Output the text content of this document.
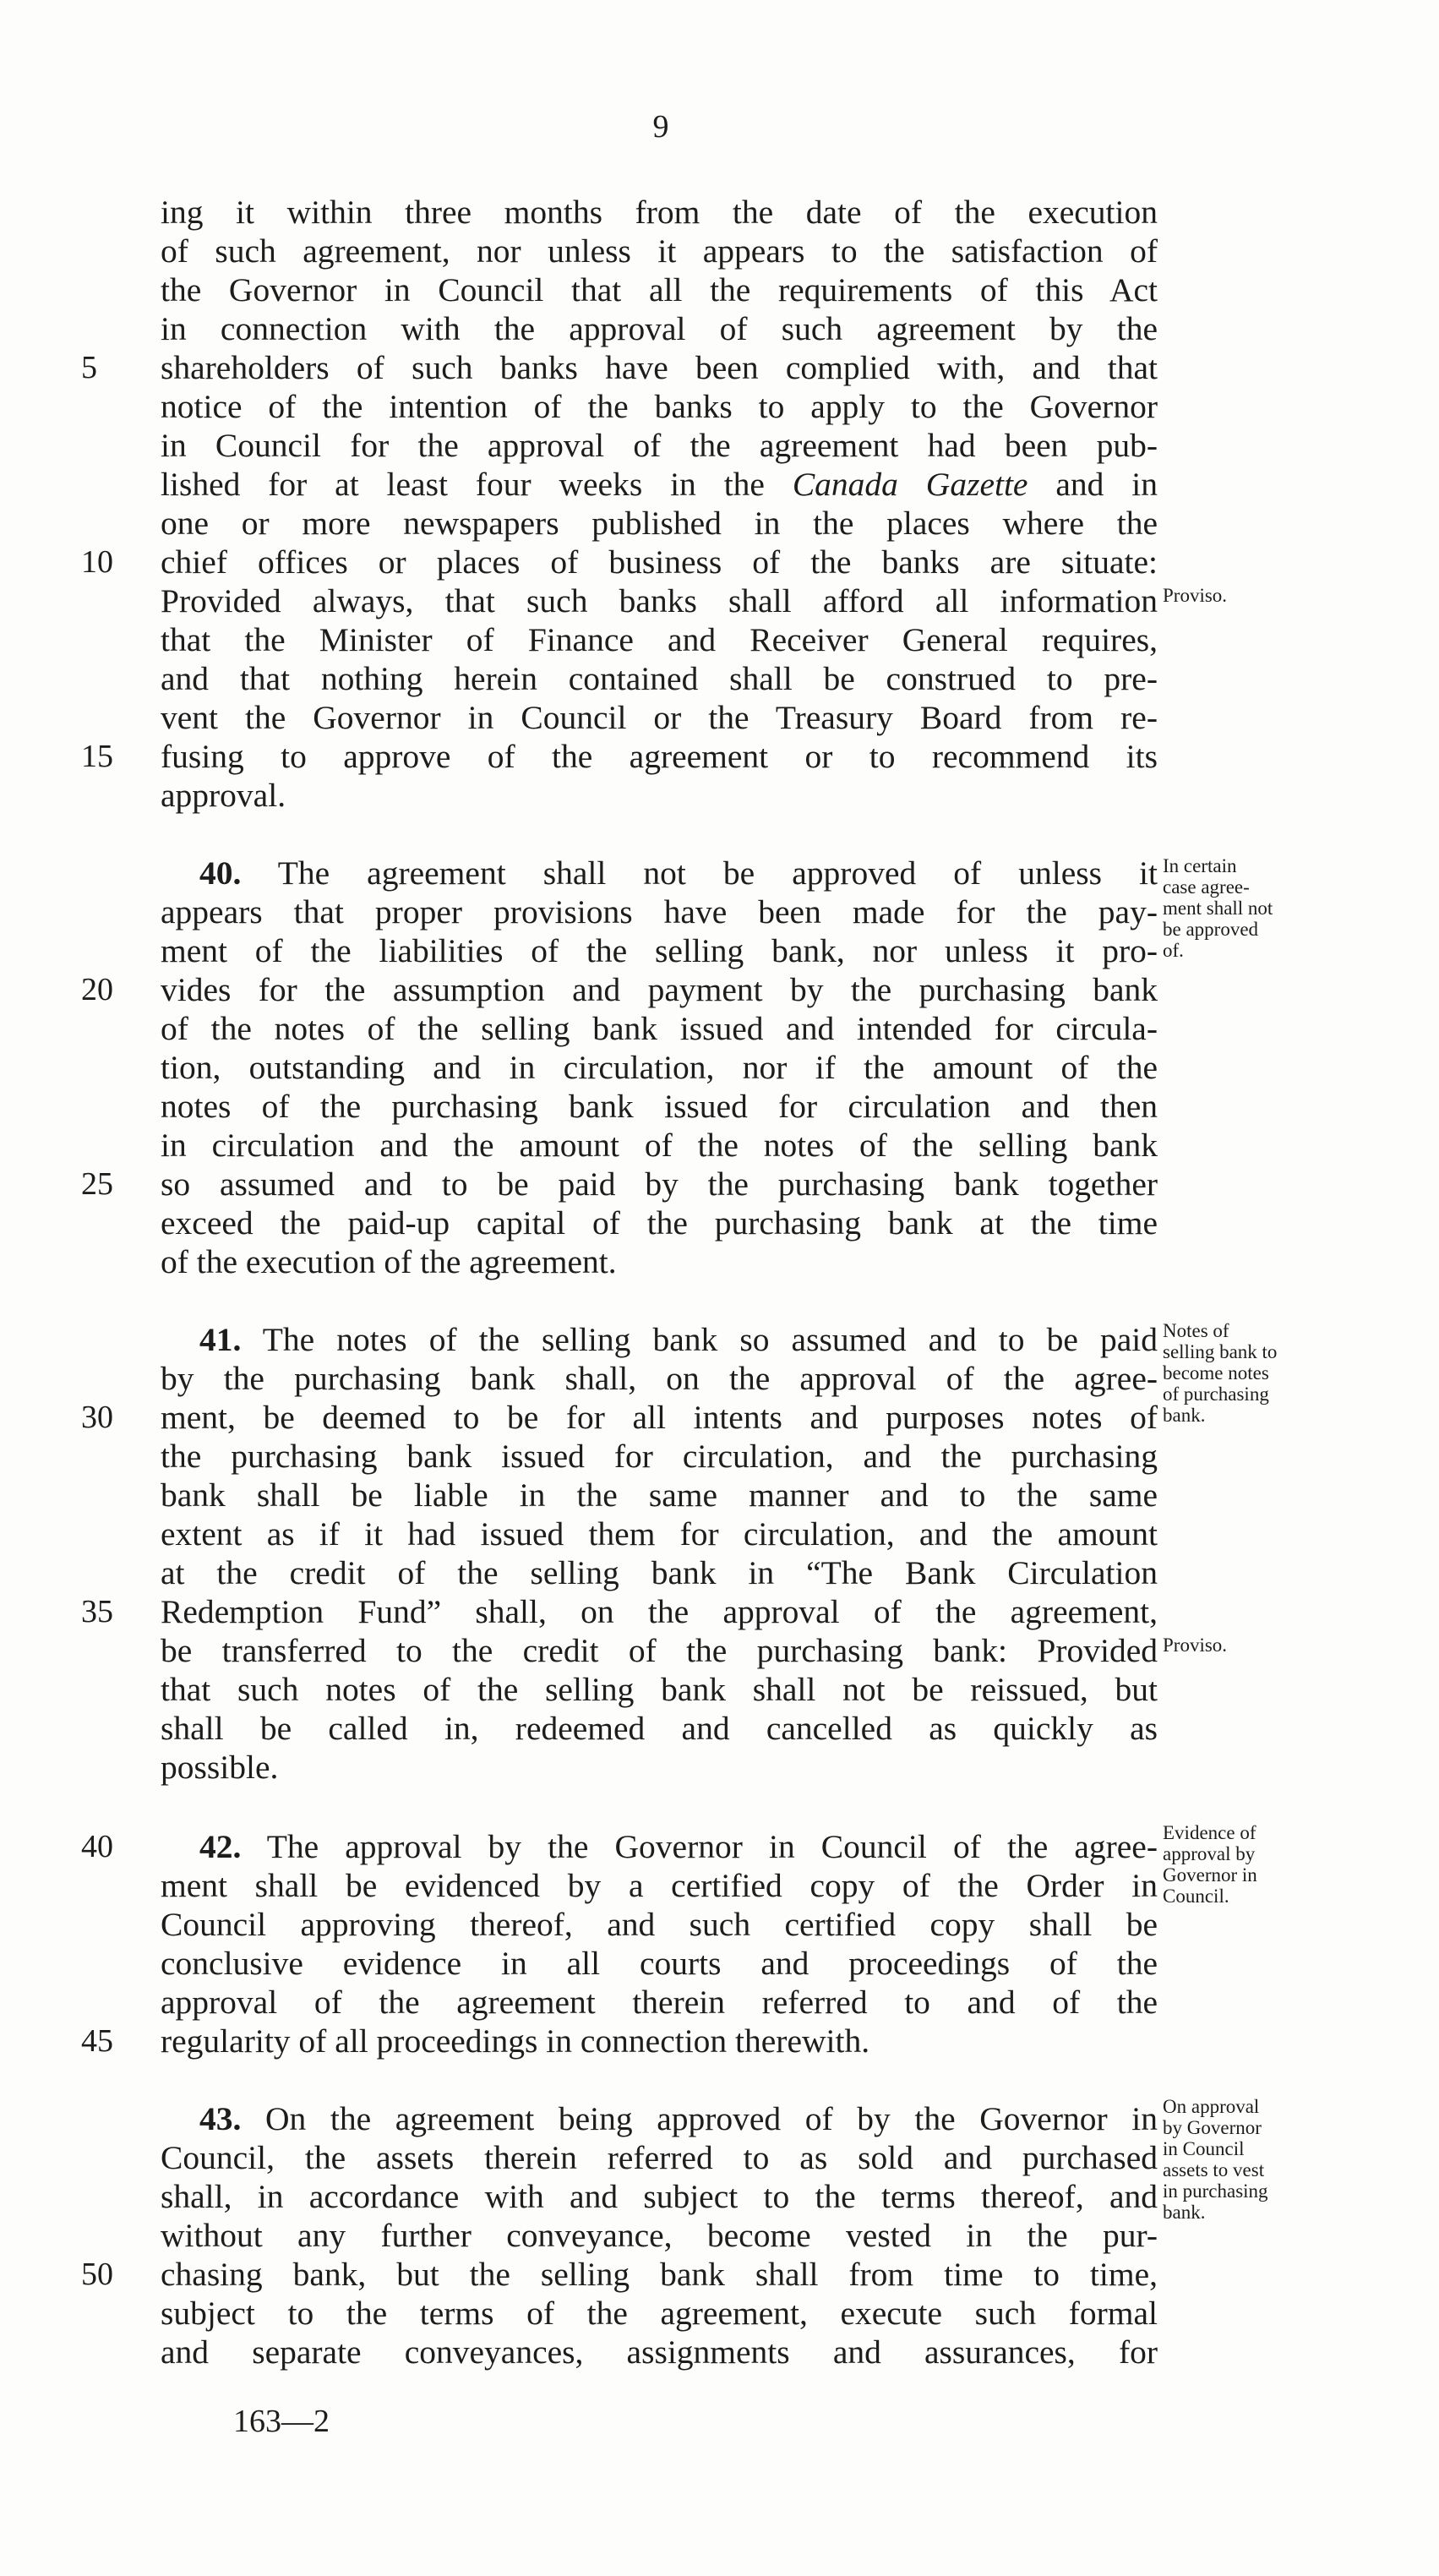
9
ing it within three months from the date of the execution
of such agreement, nor unless it appears to the satisfaction of
the Governor in Council that all the requirements of this Act
in connection with the approval of such agreement by the
shareholders of such banks have been complied with, and that
notice of the intention of the banks to apply to the Governor
in Council for the approval of the agreement had been pub-
lished for at least four weeks in the Canada Gazette and in
one or more newspapers published in the places where the
chief offices or places of business of the banks are situate:
Provided always, that such banks shall afford all information
that the Minister of Finance and Receiver General requires,
and that nothing herein contained shall be construed to pre-
vent the Governor in Council or the Treasury Board from re-
fusing to approve of the agreement or to recommend its
approval.
40. The agreement shall not be approved of unless it
appears that proper provisions have been made for the pay-
ment of the liabilities of the selling bank, nor unless it pro-
vides for the assumption and payment by the purchasing bank
of the notes of the selling bank issued and intended for circula-
tion, outstanding and in circulation, nor if the amount of the
notes of the purchasing bank issued for circulation and then
in circulation and the amount of the notes of the selling bank
so assumed and to be paid by the purchasing bank together
exceed the paid-up capital of the purchasing bank at the time
of the execution of the agreement.
41. The notes of the selling bank so assumed and to be paid
by the purchasing bank shall, on the approval of the agree-
ment, be deemed to be for all intents and purposes notes of
the purchasing bank issued for circulation, and the purchasing
bank shall be liable in the same manner and to the same
extent as if it had issued them for circulation, and the amount
at the credit of the selling bank in “The Bank Circulation
Redemption Fund” shall, on the approval of the agreement,
be transferred to the credit of the purchasing bank: Provided
that such notes of the selling bank shall not be reissued, but
shall be called in, redeemed and cancelled as quickly as
possible.
42. The approval by the Governor in Council of the agree-
ment shall be evidenced by a certified copy of the Order in
Council approving thereof, and such certified copy shall be
conclusive evidence in all courts and proceedings of the
approval of the agreement therein referred to and of the
regularity of all proceedings in connection therewith.
43. On the agreement being approved of by the Governor in
Council, the assets therein referred to as sold and purchased
shall, in accordance with and subject to the terms thereof, and
without any further conveyance, become vested in the pur-
chasing bank, but the selling bank shall from time to time,
subject to the terms of the agreement, execute such formal
and separate conveyances, assignments and assurances, for
5
10
15
20
25
30
35
40
45
50
Proviso.
In certain
case agree-
ment shall not
be approved
of.
Notes of
selling bank to
become notes
of purchasing
bank.
Proviso.
Evidence of
approval by
Governor in
Council.
On approval
by Governor
in Council
assets to vest
in purchasing
bank.
163—2
